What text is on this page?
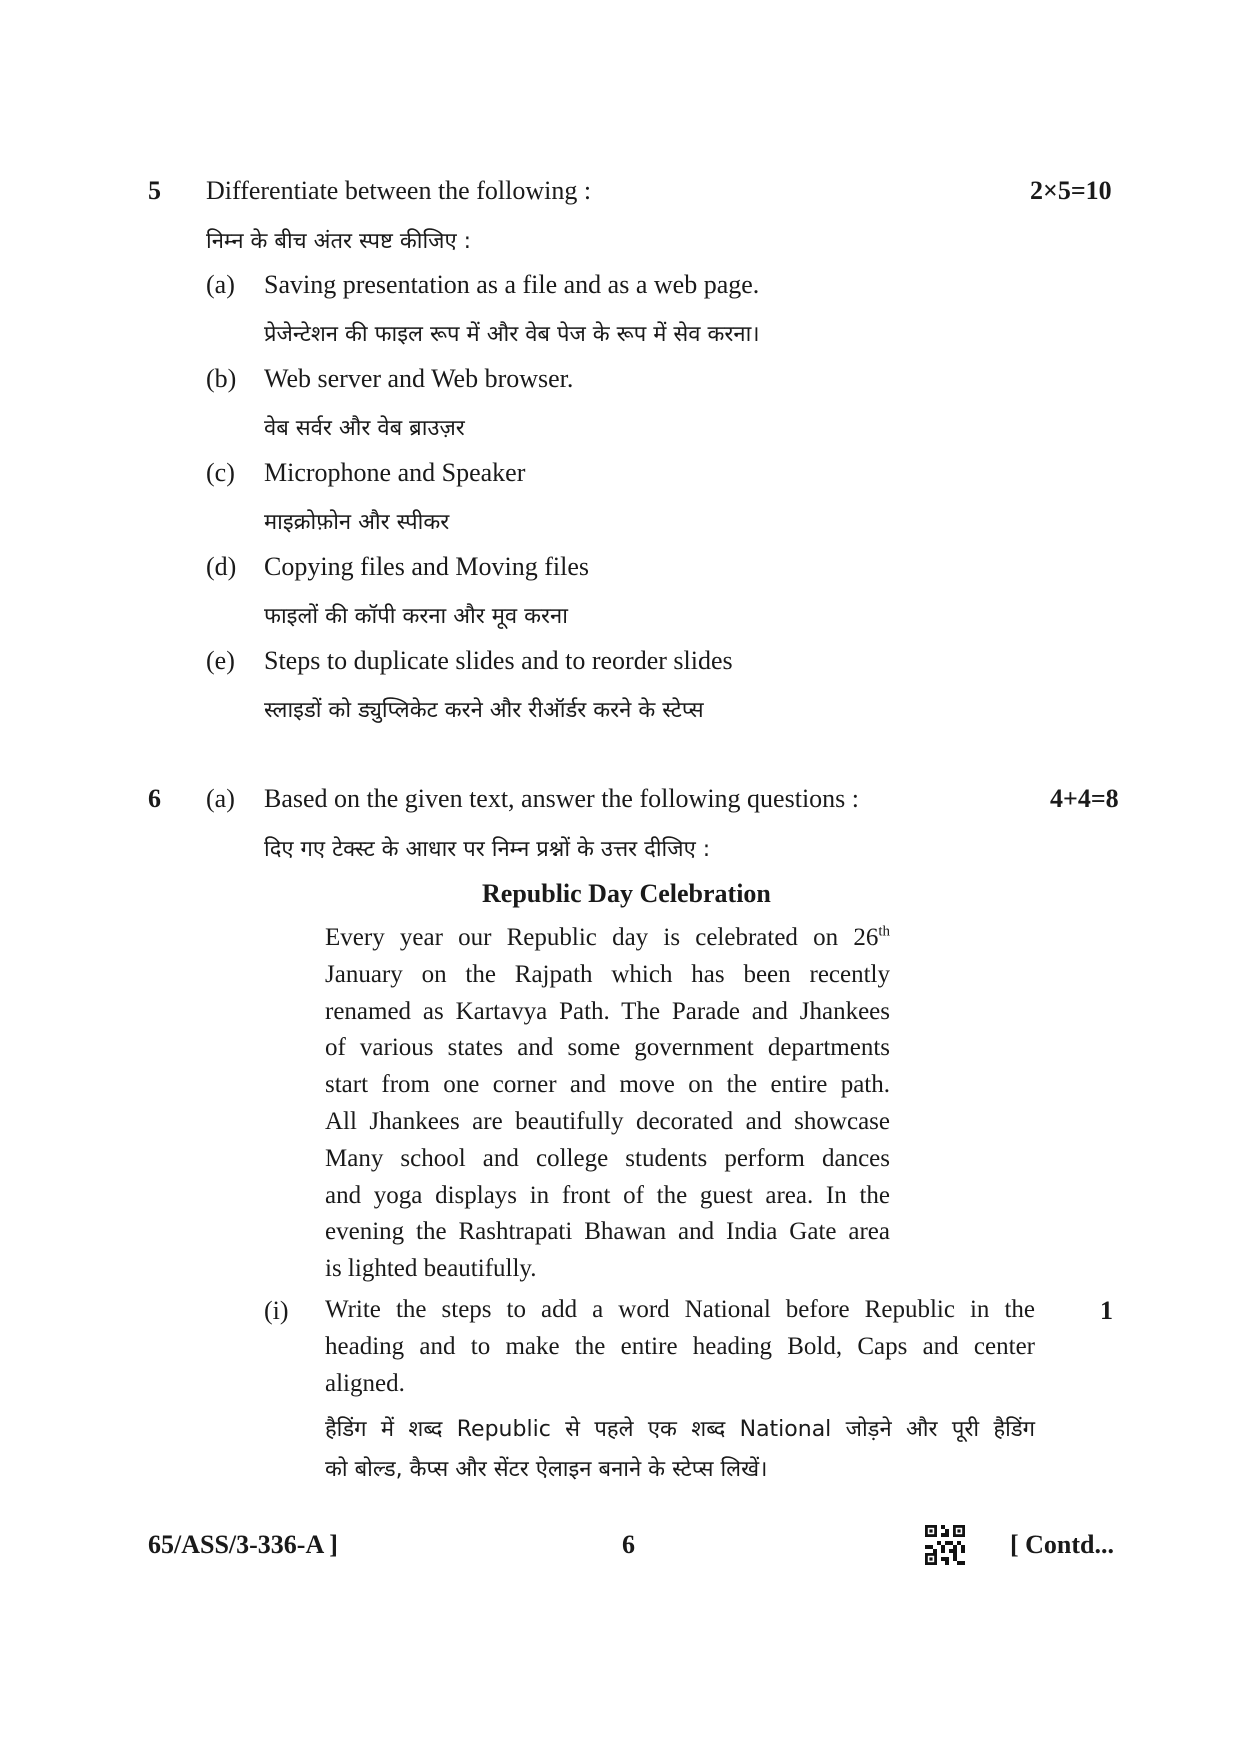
5 Differentiate between the following :	2×5=10
निम्न के बीच अंतर स्पष्ट कीजिए :
(a) Saving presentation as a file and as a web page.
प्रेजेन्टेशन की फाइल रूप में और वेब पेज के रूप में सेव करना।
(b) Web server and Web browser.
वेब सर्वर और वेब ब्राउज़र
(c) Microphone and Speaker
माइक्रोफ़ोन और स्पीकर
(d) Copying files and Moving files
फाइलों की कॉपी करना और मूव करना
(e) Steps to duplicate slides and to reorder slides
स्लाइडों को ड्युप्लिकेट करने और रीऑर्डर करने के स्टेप्स
6 (a) Based on the given text, answer the following questions :	4+4=8
दिए गए टेक्स्ट के आधार पर निम्न प्रश्नों के उत्तर दीजिए :
Republic Day Celebration
Every year our Republic day is celebrated on 26th
January on the Rajpath which has been recently
renamed as Kartavya Path. The Parade and Jhankees
of various states and some government departments
start from one corner and move on the entire path.
All Jhankees are beautifully decorated and showcase
Many school and college students perform dances
and yoga displays in front of the guest area. In the
evening the Rashtrapati Bhawan and India Gate area
is lighted beautifully.
(i)	1
Write the steps to add a word National before Republic in the
heading and to make the entire heading Bold, Caps and center
aligned.
हैडिंग में शब्द Republic से पहले एक शब्द National जोड़ने और पूरी हैडिंग
को बोल्ड, कैप्स और सेंटर ऐलाइन बनाने के स्टेप्स लिखें।
65/ASS/3-336-A ]	6	[ Contd...
